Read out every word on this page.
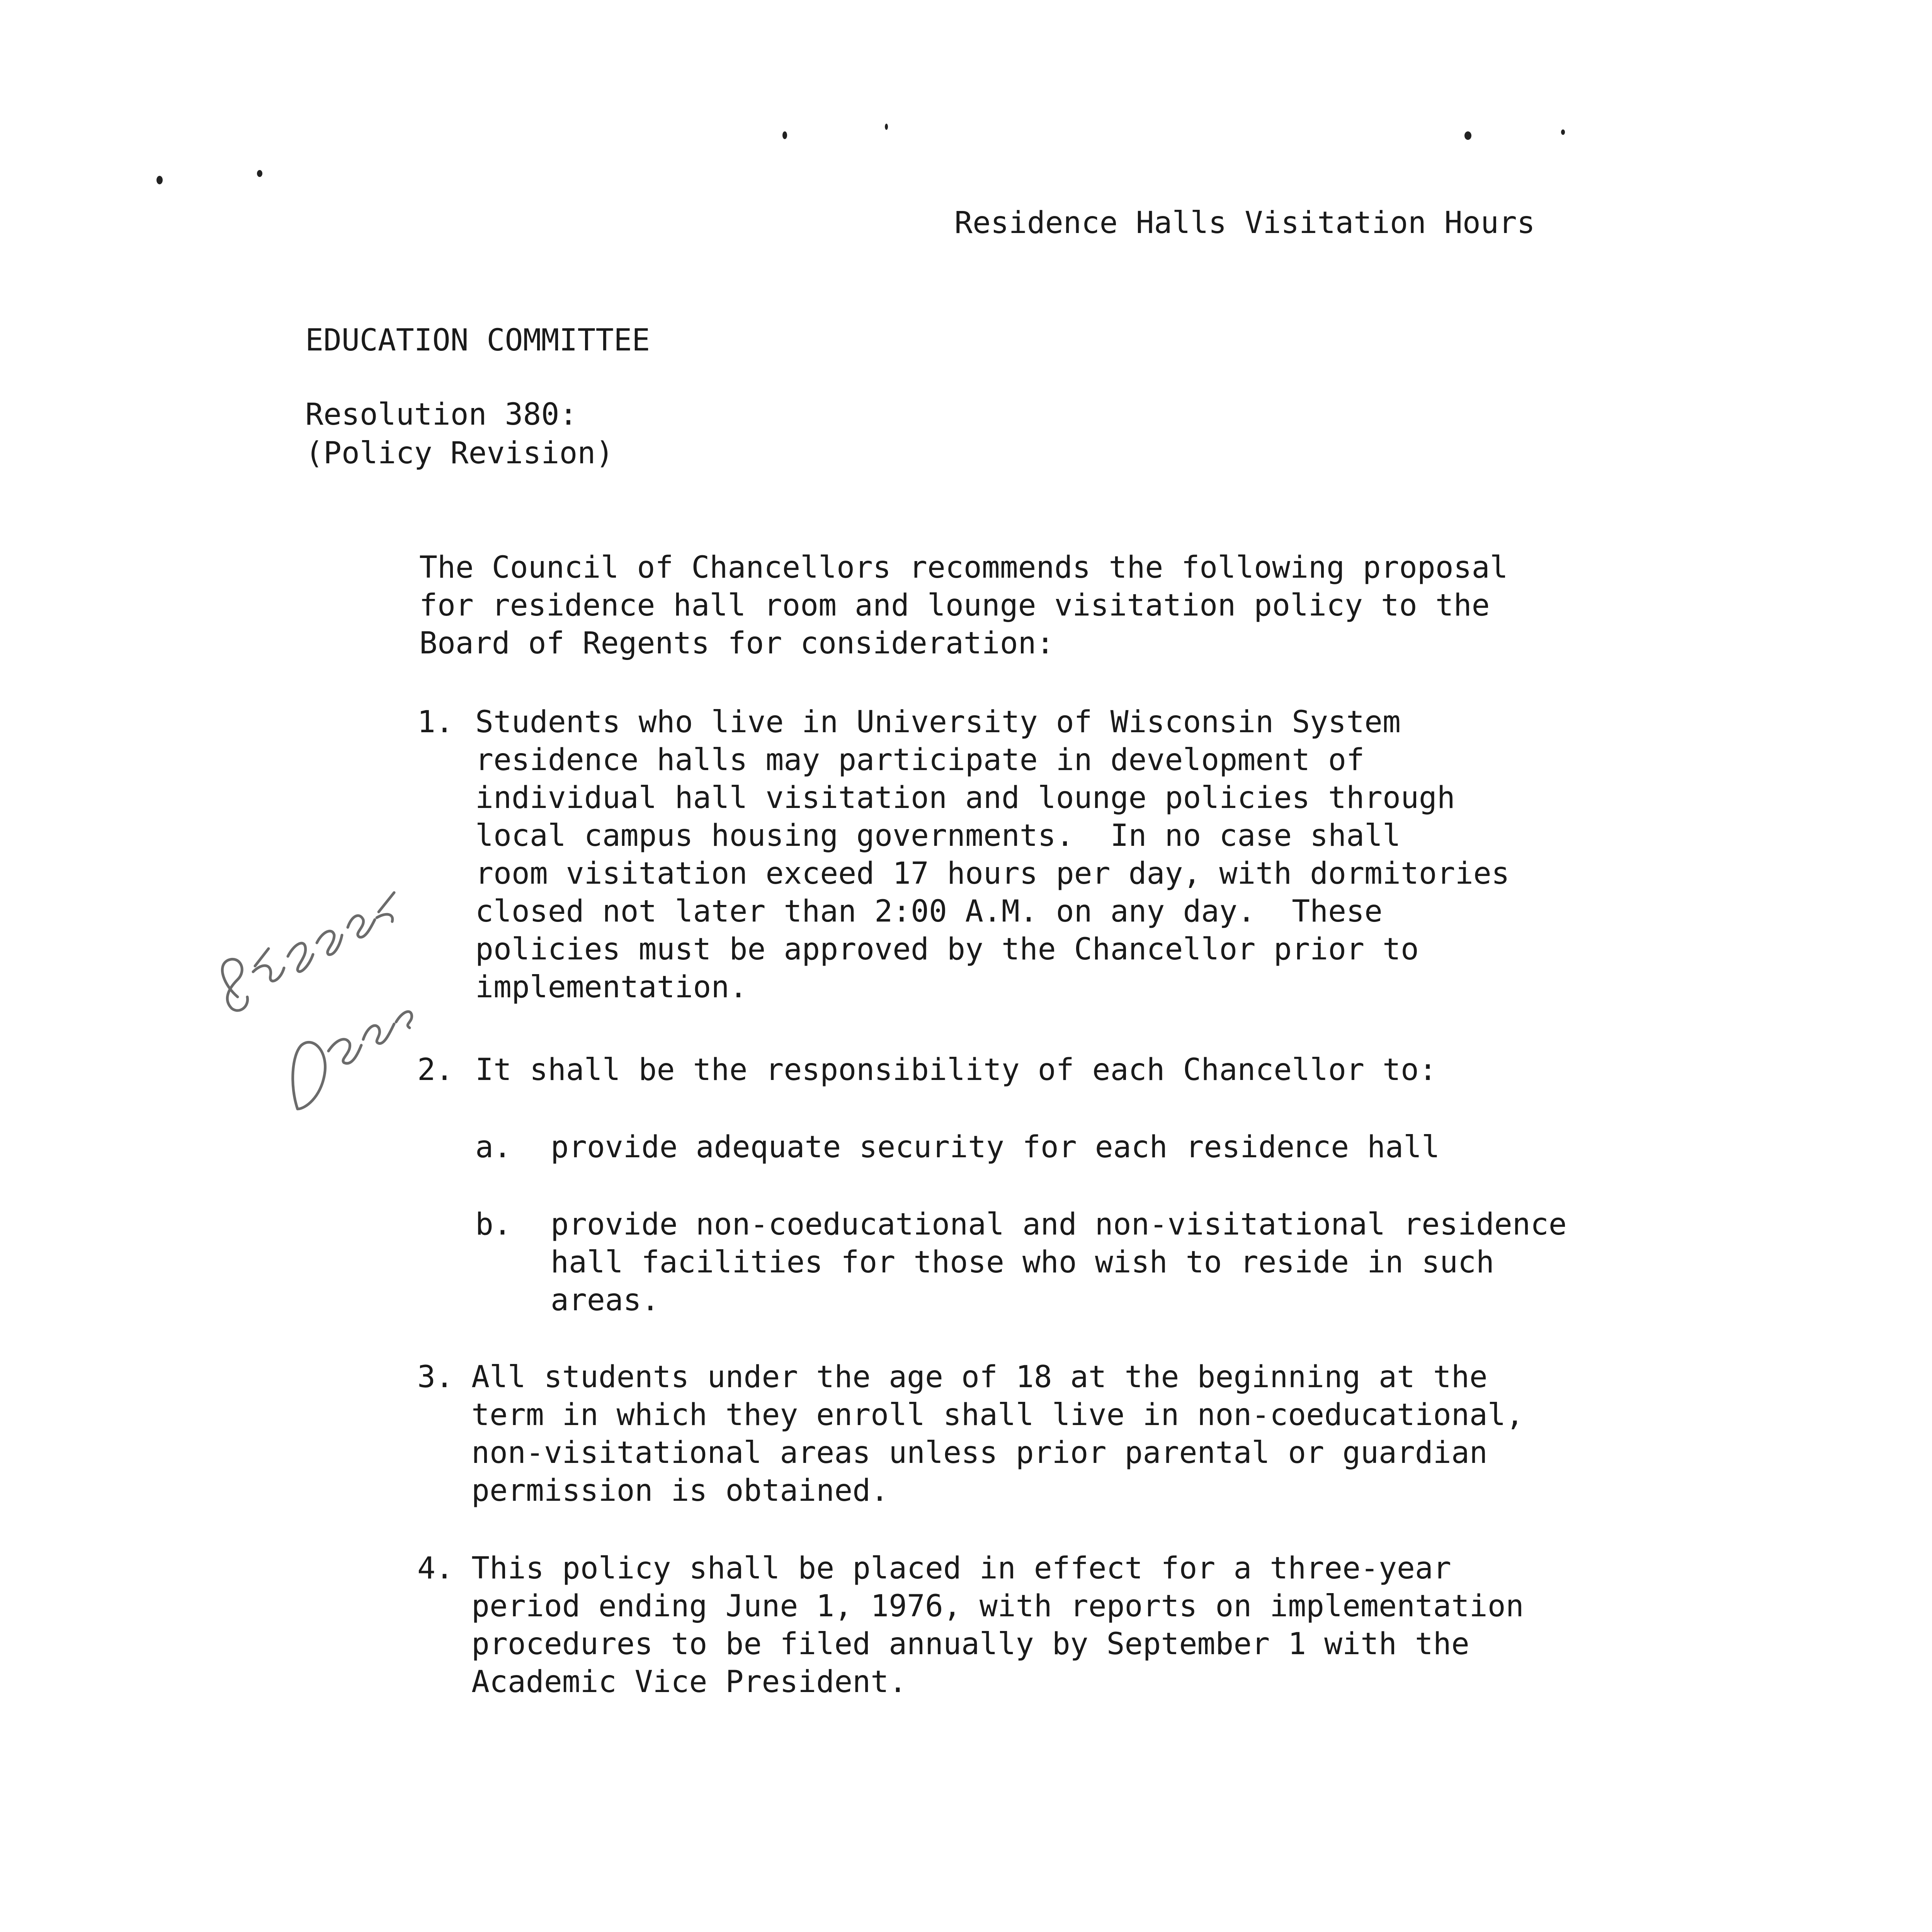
Residence Halls Visitation Hours
EDUCATION COMMITTEE
Resolution 380:
(Policy Revision)
The Council of Chancellors recommends the following proposal
for residence hall room and lounge visitation policy to the
Board of Regents for consideration:
1. Students who live in University of Wisconsin System
residence halls may participate in development of
individual hall visitation and lounge policies through
local campus housing governments.  In no case shall
room visitation exceed 17 hours per day, with dormitories
closed not later than 2:00 A.M. on any day.  These
policies must be approved by the Chancellor prior to
implementation.
2. It shall be the responsibility of each Chancellor to:
a. provide adequate security for each residence hall
b. provide non-coeducational and non-visitational residence
hall facilities for those who wish to reside in such
areas.
3. All students under the age of 18 at the beginning at the
term in which they enroll shall live in non-coeducational,
non-visitational areas unless prior parental or guardian
permission is obtained.
4. This policy shall be placed in effect for a three-year
period ending June 1, 1976, with reports on implementation
procedures to be filed annually by September 1 with the
Academic Vice President.
